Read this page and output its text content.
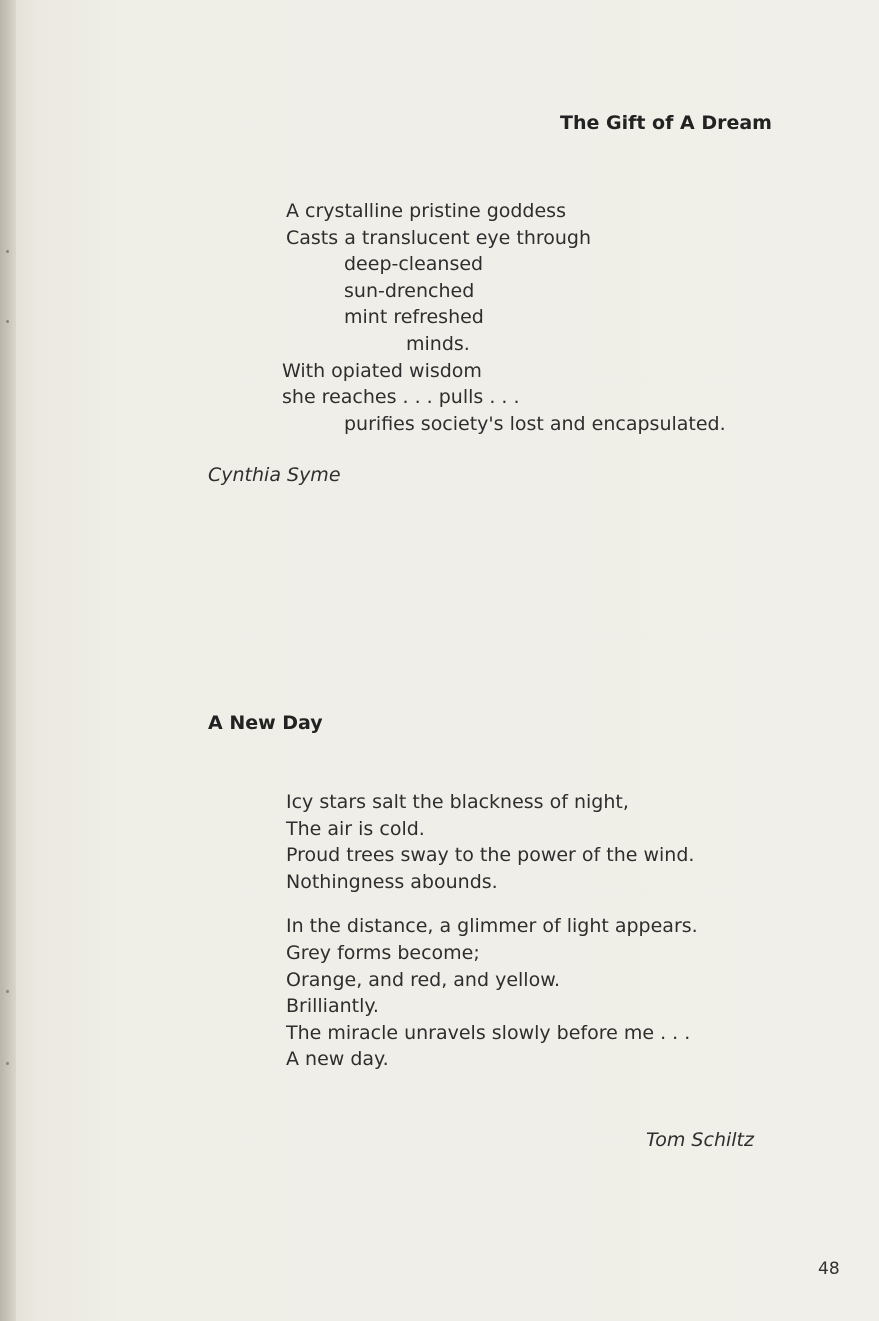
The Gift of A Dream
A crystalline pristine goddess
Casts a translucent eye through
deep-cleansed
sun-drenched
mint refreshed
minds.
With opiated wisdom
she reaches . . . pulls . . .
purifies society's lost and encapsulated.
Cynthia Syme
A New Day
Icy stars salt the blackness of night,
The air is cold.
Proud trees sway to the power of the wind.
Nothingness abounds.
In the distance, a glimmer of light appears.
Grey forms become;
Orange, and red, and yellow.
Brilliantly.
The miracle unravels slowly before me . . .
A new day.
Tom Schiltz
48
